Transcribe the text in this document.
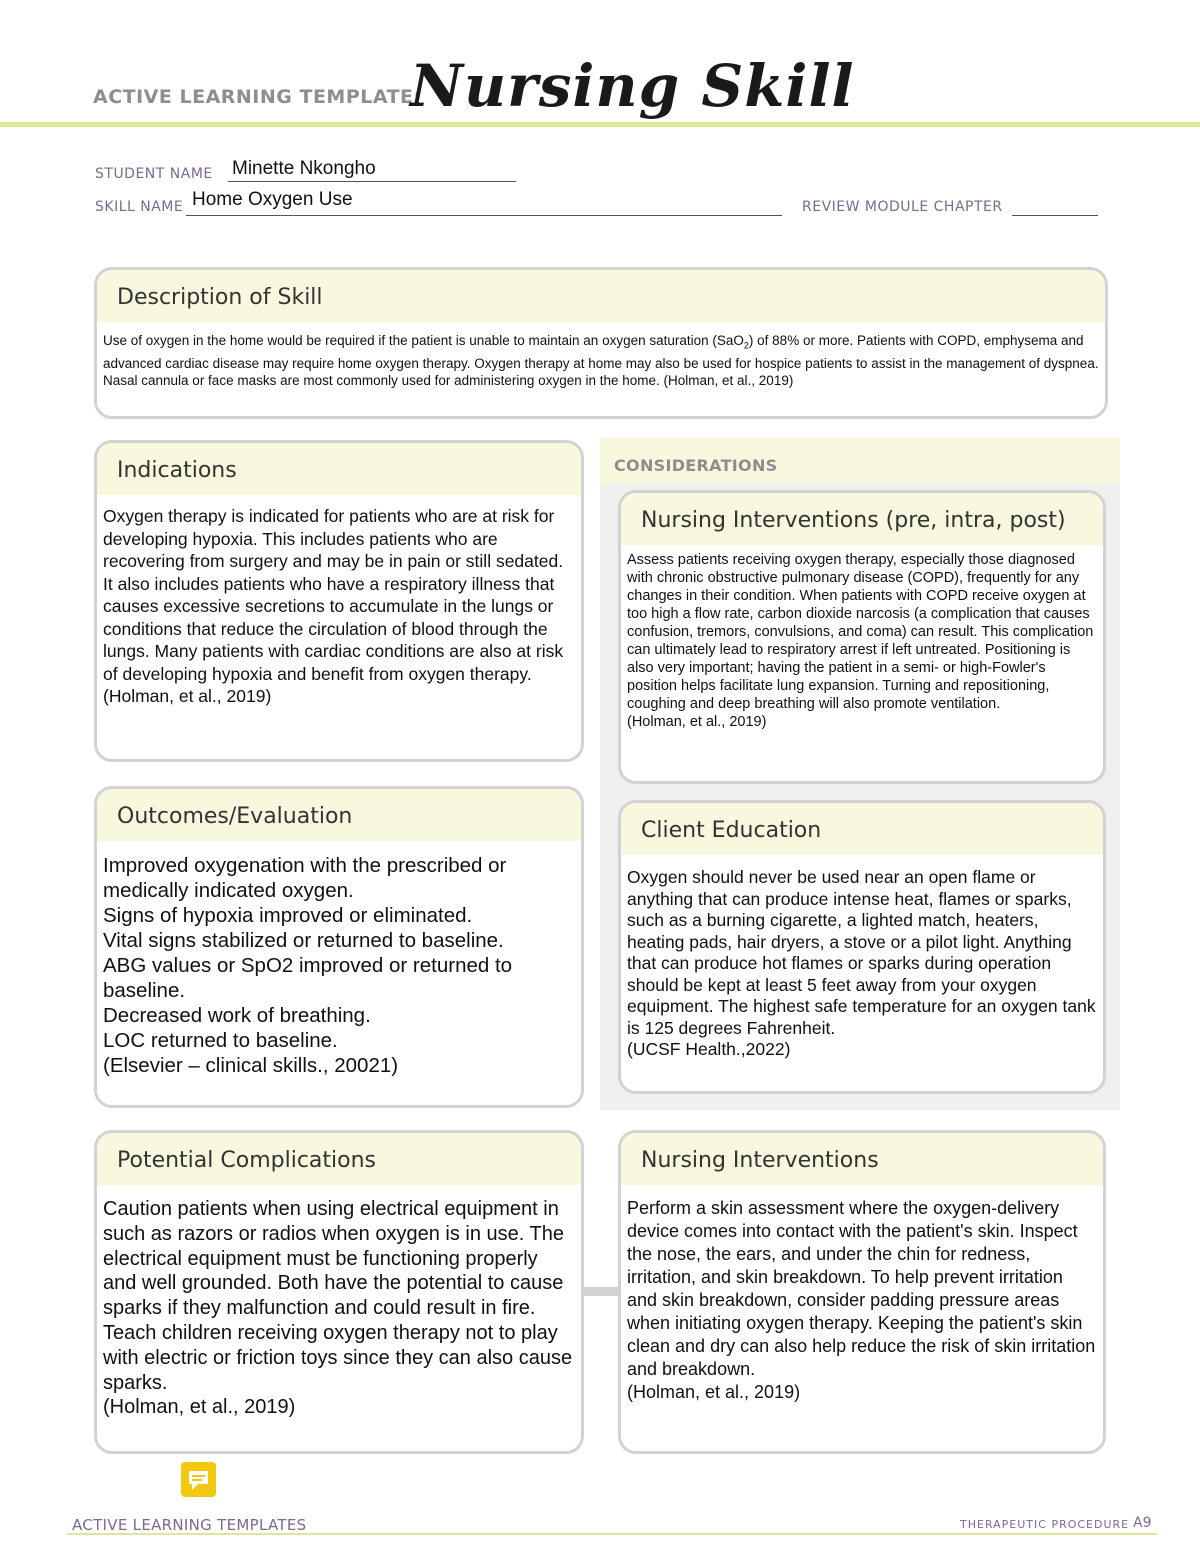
ACTIVE LEARNING TEMPLATE:
Nursing Skill
STUDENT NAME Minette Nkongho
SKILL NAME Home Oxygen Use	REVIEW MODULE CHAPTER
Description of Skill
Use of oxygen in the home would be required if the patient is unable to maintain an oxygen saturation (SaO$_2$) of 88% or more. Patients with COPD, emphysema and advanced cardiac disease may require home oxygen therapy. Oxygen therapy at home may also be used for hospice patients to assist in the management of dyspnea. Nasal cannula or face masks are most commonly used for administering oxygen in the home. (Holman, et al., 2019)
CONSIDERATIONS
Indications
Oxygen therapy is indicated for patients who are at risk for developing hypoxia. This includes patients who are recovering from surgery and may be in pain or still sedated. It also includes patients who have a respiratory illness that causes excessive secretions to accumulate in the lungs or conditions that reduce the circulation of blood through the lungs. Many patients with cardiac conditions are also at risk of developing hypoxia and benefit from oxygen therapy.
(Holman, et al., 2019)
Nursing Interventions (pre, intra, post)
Assess patients receiving oxygen therapy, especially those diagnosed with chronic obstructive pulmonary disease (COPD), frequently for any changes in their condition. When patients with COPD receive oxygen at too high a flow rate, carbon dioxide narcosis (a complication that causes confusion, tremors, convulsions, and coma) can result. This complication can ultimately lead to respiratory arrest if left untreated. Positioning is also very important; having the patient in a semi- or high-Fowler's position helps facilitate lung expansion. Turning and repositioning, coughing and deep breathing will also promote ventilation.
(Holman, et al., 2019)
Outcomes/Evaluation
Improved oxygenation with the prescribed or medically indicated oxygen.
Signs of hypoxia improved or eliminated.
Vital signs stabilized or returned to baseline.
ABG values or SpO2 improved or returned to baseline.
Decreased work of breathing.
LOC returned to baseline.
(Elsevier – clinical skills., 20021)
Client Education
Oxygen should never be used near an open flame or anything that can produce intense heat, flames or sparks, such as a burning cigarette, a lighted match, heaters, heating pads, hair dryers, a stove or a pilot light. Anything that can produce hot flames or sparks during operation should be kept at least 5 feet away from your oxygen equipment. The highest safe temperature for an oxygen tank is 125 degrees Fahrenheit.
(UCSF Health.,2022)
Potential Complications
Caution patients when using electrical equipment in such as razors or radios when oxygen is in use. The electrical equipment must be functioning properly and well grounded. Both have the potential to cause sparks if they malfunction and could result in fire. Teach children receiving oxygen therapy not to play with electric or friction toys since they can also cause sparks.
(Holman, et al., 2019)
Nursing Interventions
Perform a skin assessment where the oxygen-delivery device comes into contact with the patient's skin. Inspect the nose, the ears, and under the chin for redness, irritation, and skin breakdown. To help prevent irritation and skin breakdown, consider padding pressure areas when initiating oxygen therapy. Keeping the patient's skin clean and dry can also help reduce the risk of skin irritation and breakdown.
(Holman, et al., 2019)
ACTIVE LEARNING TEMPLATES	THERAPEUTIC PROCEDURE A9
